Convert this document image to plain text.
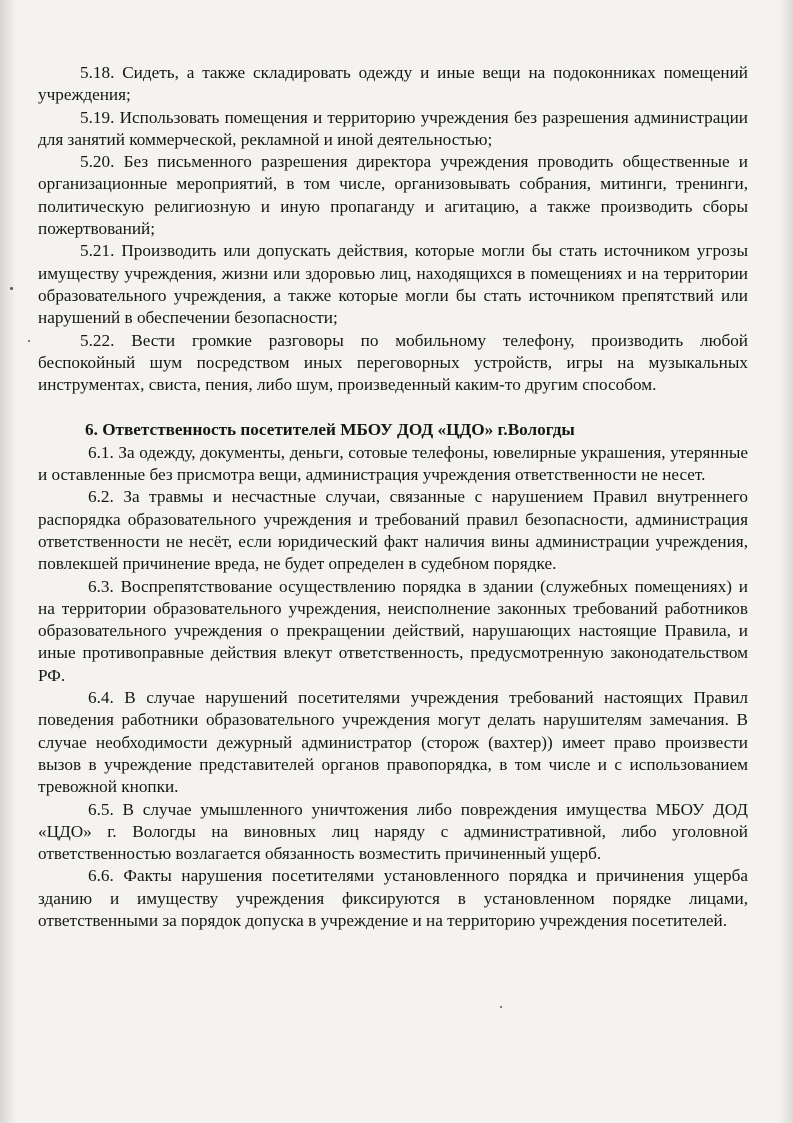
5.18. Сидеть, а также складировать одежду и иные вещи на подоконниках помещений учреждения;

5.19. Использовать помещения и территорию учреждения без разрешения администрации для занятий коммерческой, рекламной и иной деятельностью;

5.20. Без письменного разрешения директора учреждения проводить общественные и организационные мероприятий, в том числе, организовывать собрания, митинги, тренинги, политическую религиозную и иную пропаганду и агитацию, а также производить сборы пожертвований;

5.21. Производить или допускать действия, которые могли бы стать источником угрозы имуществу учреждения, жизни или здоровью лиц, находящихся в помещениях и на территории образовательного учреждения, а также которые могли бы стать источником препятствий или нарушений в обеспечении безопасности;

5.22. Вести громкие разговоры по мобильному телефону, производить любой беспокойный шум посредством иных переговорных устройств, игры на музыкальных инструментах, свиста, пения, либо шум, произведенный каким-то другим способом.

6. Ответственность посетителей МБОУ ДОД «ЦДО» г.Вологды

6.1. За одежду, документы, деньги, сотовые телефоны, ювелирные украшения, утерянные и оставленные без присмотра вещи, администрация учреждения ответственности не несет.

6.2. За травмы и несчастные случаи, связанные с нарушением Правил внутреннего распорядка образовательного учреждения и требований правил безопасности, администрация ответственности не несёт, если юридический факт наличия вины администрации учреждения, повлекшей причинение вреда, не будет определен в судебном порядке.

6.3. Воспрепятствование осуществлению порядка в здании (служебных помещениях) и на территории образовательного учреждения, неисполнение законных требований работников образовательного учреждения о прекращении действий, нарушающих настоящие Правила, и иные противоправные действия влекут ответственность, предусмотренную законодательством РФ.

6.4. В случае нарушений посетителями учреждения требований настоящих Правил поведения работники образовательного учреждения могут делать нарушителям замечания. В случае необходимости дежурный администратор (сторож (вахтер)) имеет право произвести вызов в учреждение представителей органов правопорядка, в том числе и с использованием тревожной кнопки.

6.5. В случае умышленного уничтожения либо повреждения имущества МБОУ ДОД «ЦДО» г. Вологды на виновных лиц наряду с административной, либо уголовной ответственностью возлагается обязанность возместить причиненный ущерб.

6.6. Факты нарушения посетителями установленного порядка и причинения ущерба зданию и имуществу учреждения фиксируются в установленном порядке лицами, ответственными за порядок допуска в учреждение и на территорию учреждения посетителей.
